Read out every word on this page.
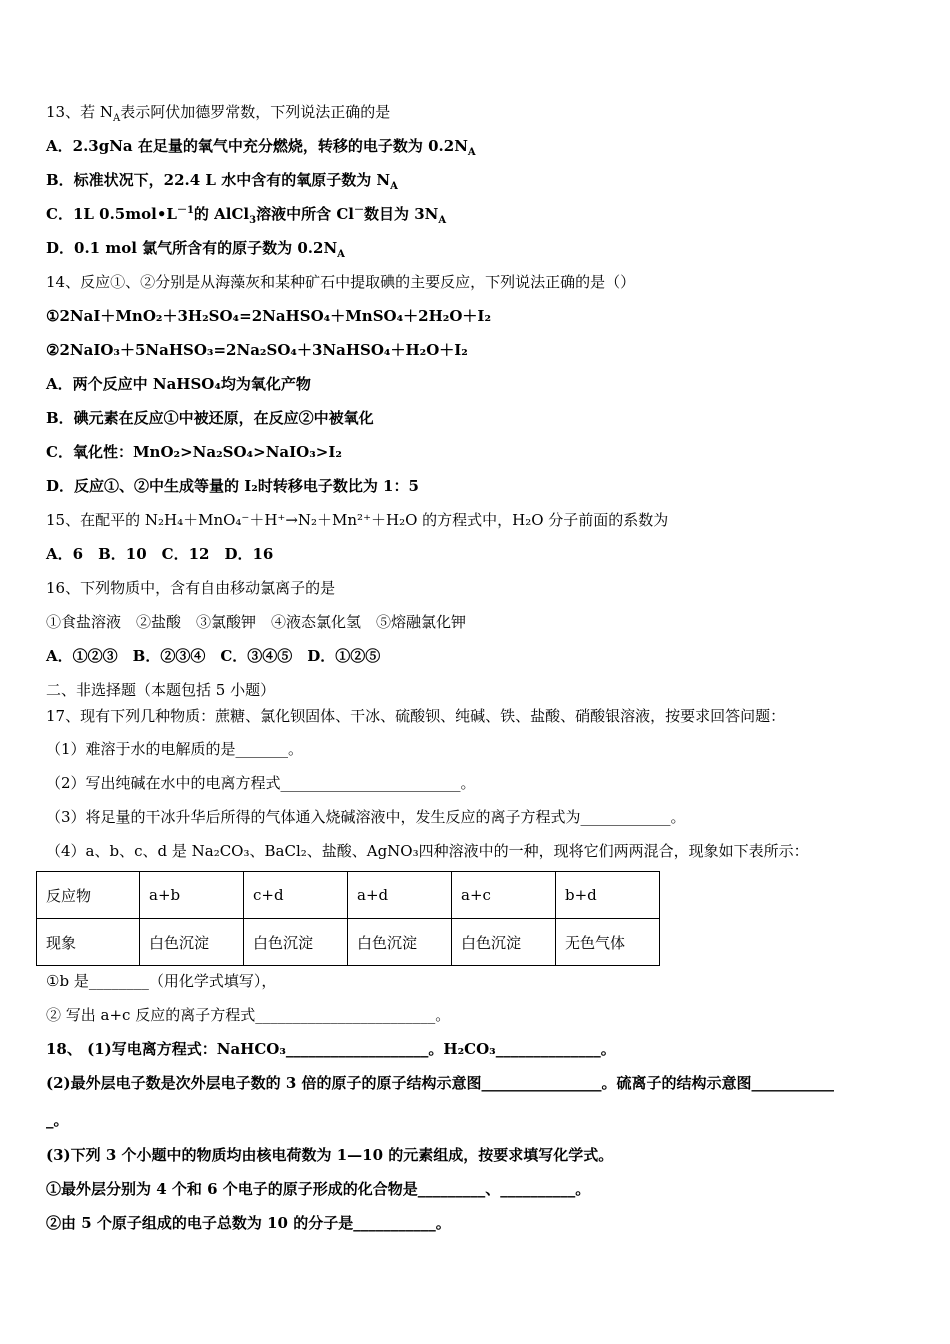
13、若 $N_A$表示阿伏加德罗常数，下列说法正确的是
A．2.3gNa 在足量的氧气中充分燃烧，转移的电子数为 $0.2N_A$
B．标准状况下，22.4 L 水中含有的氧原子数为 $N_A$
C．1L $0.5mol•L^{-1}$的 AlCl$_3$溶液中所含 Cl－数目为 $3N_A$
D．0.1 mol 氯气所含有的原子数为 $0.2N_A$
14、反应①、②分别是从海藻灰和某种矿石中提取碘的主要反应，下列说法正确的是（）
①2NaI＋MnO₂＋3H₂SO₄=2NaHSO₄＋MnSO₄＋2H₂O＋I₂
②2NaIO₃＋5NaHSO₃=2Na₂SO₄＋3NaHSO₄＋H₂O＋I₂
A．两个反应中 NaHSO₄均为氧化产物
B．碘元素在反应①中被还原，在反应②中被氧化
C．氧化性：MnO₂>Na₂SO₄>NaIO₃>I₂
D．反应①、②中生成等量的 I₂时转移电子数比为 1：5
15、在配平的 N₂H₄＋MnO₄⁻＋H⁺→N₂＋Mn²⁺＋H₂O 的方程式中，H₂O 分子前面的系数为
A．6　B．10　C．12　D．16
16、下列物质中，含有自由移动氯离子的是
①食盐溶液　②盐酸　③氯酸钾　④液态氯化氢　⑤熔融氯化钾
A．①②③　B．②③④　C．③④⑤　D．①②⑤
二、非选择题（本题包括 5 小题）
17、现有下列几种物质：蔗糖、氯化钡固体、干冰、硫酸钡、纯碱、铁、盐酸、硝酸银溶液，按要求回答问题：
（1）难溶于水的电解质的是_______。
（2）写出纯碱在水中的电离方程式________________________。
（3）将足量的干冰升华后所得的气体通入烧碱溶液中，发生反应的离子方程式为____________。
（4）a、b、c、d 是 Na₂CO₃、BaCl₂、盐酸、AgNO₃四种溶液中的一种，现将它们两两混合，现象如下表所示：
反应物	a+b	c+d	a+d	a+c	b+d
现象	白色沉淀	白色沉淀	白色沉淀	白色沉淀	无色气体
①b 是________（用化学式填写），
② 写出 a+c 反应的离子方程式________________________。
18、 (1)写电离方程式：NaHCO₃___________________。H₂CO₃______________。
(2)最外层电子数是次外层电子数的 3 倍的原子的原子结构示意图________________。硫离子的结构示意图___________
_。
(3)下列 3 个小题中的物质均由核电荷数为 1—10 的元素组成，按要求填写化学式。
①最外层分别为 4 个和 6 个电子的原子形成的化合物是_________、__________。
②由 5 个原子组成的电子总数为 10 的分子是___________。
